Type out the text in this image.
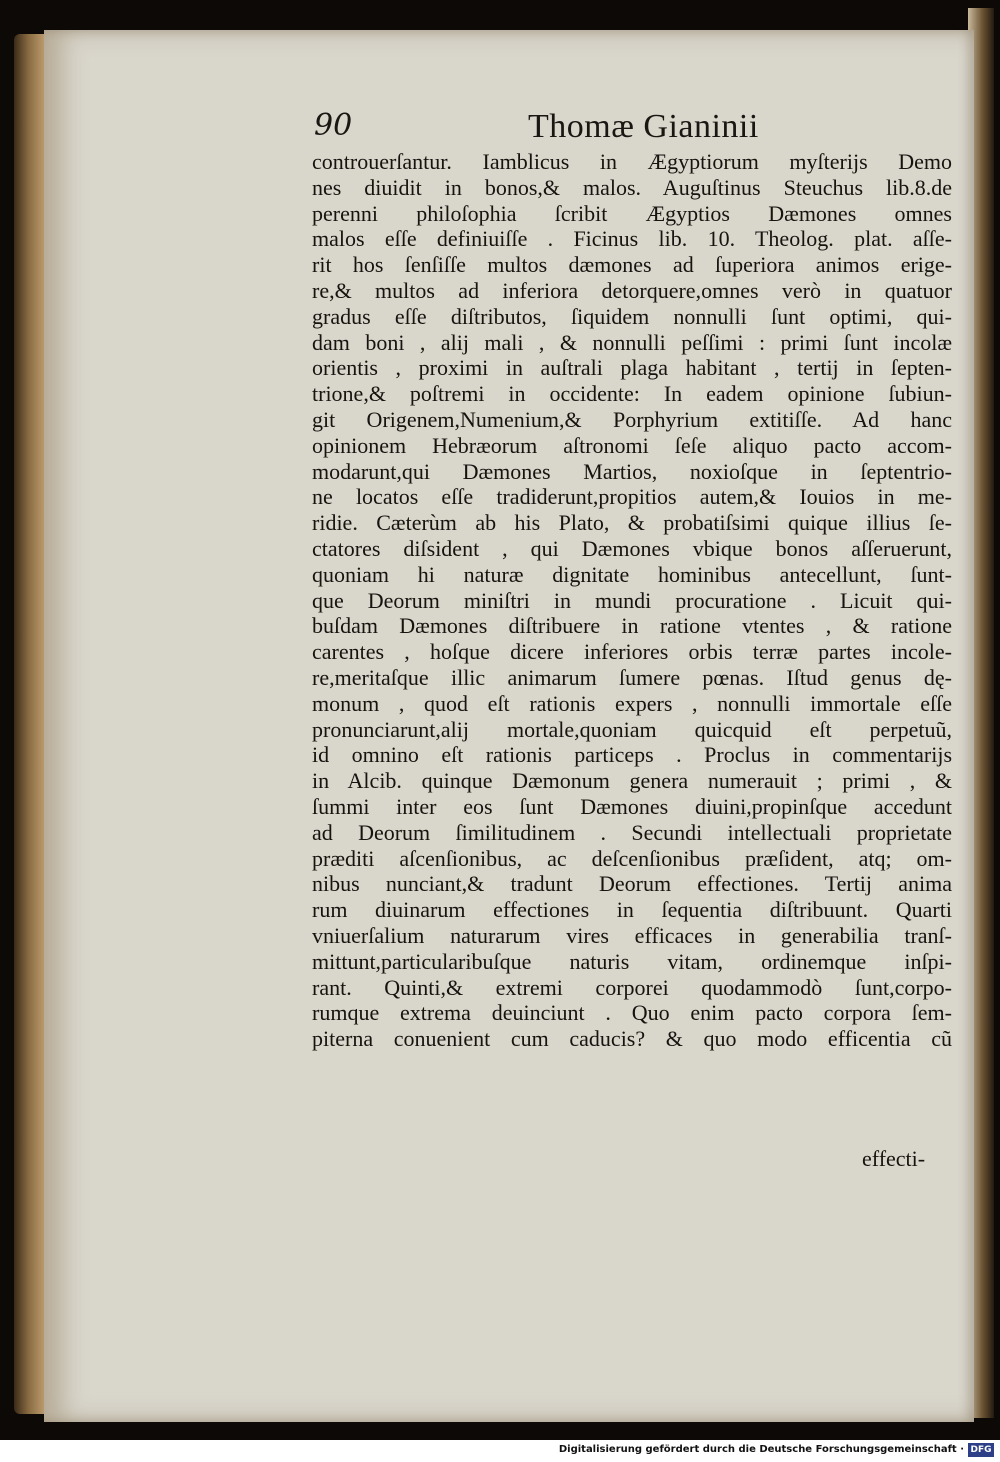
90	Thomæ Gianinii
controuerſantur. Iamblicus in Ægyptiorum myſterijs Demo
nes diuidit in bonos,& malos. Auguſtinus Steuchus lib.8.de
perenni philoſophia ſcribit Ægyptios Dæmones omnes
malos eſſe definiuiſſe . Ficinus lib. 10. Theolog. plat. aſſe-
rit hos ſenſiſſe multos dæmones ad ſuperiora animos erige-
re,& multos ad inferiora detorquere,omnes verò in quatuor
gradus eſſe diſtributos, ſiquidem nonnulli ſunt optimi, qui-
dam boni , alij mali , & nonnulli peſſimi : primi ſunt incolæ
orientis , proximi in auſtrali plaga habitant , tertij in ſepten-
trione,& poſtremi in occidente: In eadem opinione ſubiun-
git Origenem,Numenium,& Porphyrium extitiſſe. Ad hanc
opinionem Hebræorum aſtronomi ſeſe aliquo pacto accom-
modarunt,qui Dæmones Martios, noxioſque in ſeptentrio-
ne locatos eſſe tradiderunt,propitios autem,& Iouios in me-
ridie. Cæterùm ab his Plato, & probatiſsimi quique illius ſe-
ctatores diſsident , qui Dæmones vbique bonos aſſeruerunt,
quoniam hi naturæ dignitate hominibus antecellunt, ſunt-
que Deorum miniſtri in mundi procuratione . Licuit qui-
buſdam Dæmones diſtribuere in ratione vtentes , & ratione
carentes , hoſque dicere inferiores orbis terræ partes incole-
re,meritaſque illic animarum ſumere pœnas. Iſtud genus dę-
monum , quod eſt rationis expers , nonnulli immortale eſſe
pronunciarunt,alij mortale,quoniam quicquid eſt perpetuũ,
id omnino eſt rationis particeps . Proclus in commentarijs
in Alcib. quinque Dæmonum genera numerauit ; primi , &
ſummi inter eos ſunt Dæmones diuini,propinſque accedunt
ad Deorum ſimilitudinem . Secundi intellectuali proprietate
præditi aſcenſionibus, ac deſcenſionibus præſident, atq; om-
nibus nunciant,& tradunt Deorum effectiones. Tertij anima
rum diuinarum effectiones in ſequentia diſtribuunt. Quarti
vniuerſalium naturarum vires efficaces in generabilia tranſ-
mittunt,particularibuſque naturis vitam, ordinemque inſpi-
rant. Quinti,& extremi corporei quodammodò ſunt,corpo-
rumque extrema deuinciunt . Quo enim pacto corpora ſem-
piterna conuenient cum caducis? & quo modo efficentia cũ
effecti-
Digitalisierung gefördert durch die Deutsche Forschungsgemeinschaft · DFG
